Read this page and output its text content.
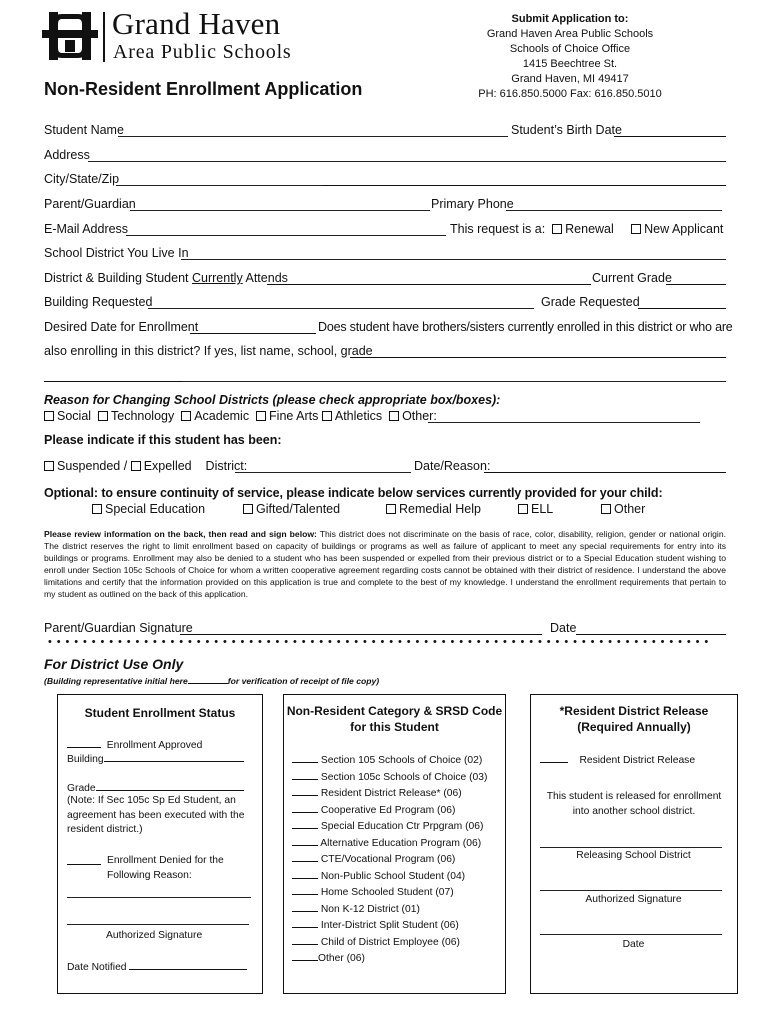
Grand Haven
Area Public Schools
Submit Application to:
Grand Haven Area Public Schools
Schools of Choice Office
1415 Beechtree St.
Grand Haven, MI 49417
PH: 616.850.5000 Fax: 616.850.5010
Non-Resident Enrollment Application
Student Name	Student’s Birth Date
Address
City/State/Zip
Parent/Guardian	Primary Phone
E-Mail Address	This request is a: Renewal New Applicant
School District You Live In
District & Building Student Currently Attends	Current Grade
Building Requested	Grade Requested
Desired Date for Enrollment	Does student have brothers/sisters currently enrolled in this district or who are
also enrolling in this district? If yes, list name, school, grade
Reason for Changing School Districts (please check appropriate box/boxes):
Social Technology Academic Fine Arts Athletics Other:
Please indicate if this student has been:
Suspended / Expelled District:	Date/Reason:
Optional: to ensure continuity of service, please indicate below services currently provided for your child:
Special Education	Gifted/Talented	Remedial Help	ELL	Other
Please review information on the back, then read and sign below: This district does not discriminate on the basis of race, color, disability, religion, gender or national origin. The district reserves the right to limit enrollment based on capacity of buildings or programs as well as failure of applicant to meet any special requirements for entry into its buildings or programs. Enrollment may also be denied to a student who has been suspended or expelled from their previous district or to a Special Education student wishing to enroll under Section 105c Schools of Choice for whom a written cooperative agreement regarding costs cannot be obtained with their district of residence. I understand the above limitations and certify that the information provided on this application is true and complete to the best of my knowledge. I understand the enrollment requirements that pertain to my student as outlined on the back of this application.
Parent/Guardian Signature	Date
••••••••••••••••••••••••••••••••••••••••••••••••••••••••••••••••••••••••••••
For District Use Only
(Building representative initial here	for verification of receipt of file copy)
Student Enrollment Status
Enrollment Approved
Building
Grade
(Note: If Sec 105c Sp Ed Student, an agreement has been executed with the resident district.)
Enrollment Denied for the Following Reason:
Authorized Signature
Date Notified
Non-Resident Category & SRSD Code for this Student
Section 105 Schools of Choice (02)
Section 105c Schools of Choice (03)
Resident District Release* (06)
Cooperative Ed Program (06)
Special Education Ctr Prpgram (06)
Alternative Education Program (06)
CTE/Vocational Program (06)
Non-Public School Student (04)
Home Schooled Student (07)
Non K-12 District (01)
Inter-District Split Student (06)
Child of District Employee (06)
Other (06)
*Resident District Release (Required Annually)
Resident District Release
This student is released for enrollment into another school district.
Releasing School District
Authorized Signature
Date
